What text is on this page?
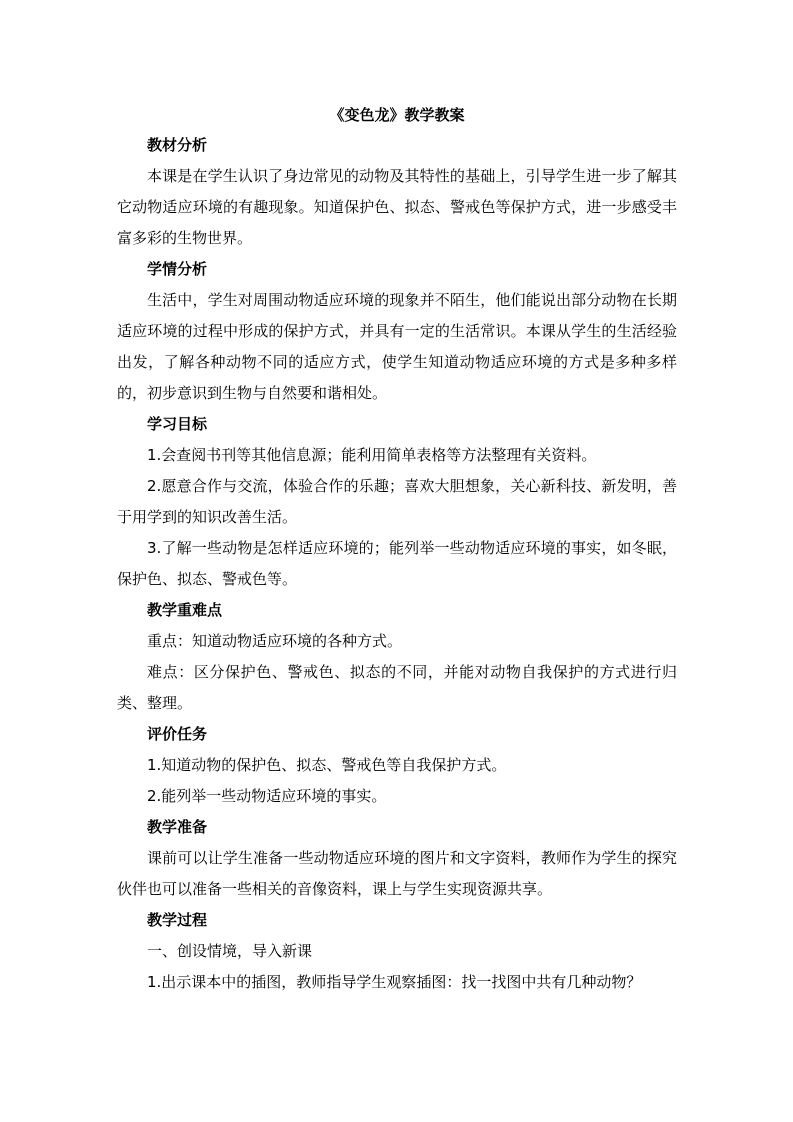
《变色龙》教学教案

教材分析

本课是在学生认识了身边常见的动物及其特性的基础上，引导学生进一步了解其它动物适应环境的有趣现象。知道保护色、拟态、警戒色等保护方式，进一步感受丰富多彩的生物世界。

学情分析

生活中，学生对周围动物适应环境的现象并不陌生，他们能说出部分动物在长期适应环境的过程中形成的保护方式，并具有一定的生活常识。本课从学生的生活经验出发，了解各种动物不同的适应方式，使学生知道动物适应环境的方式是多种多样的，初步意识到生物与自然要和谐相处。

学习目标

1.会查阅书刊等其他信息源；能利用简单表格等方法整理有关资料。

2.愿意合作与交流，体验合作的乐趣；喜欢大胆想象，关心新科技、新发明，善于用学到的知识改善生活。

3.了解一些动物是怎样适应环境的；能列举一些动物适应环境的事实，如冬眠，保护色、拟态、警戒色等。

教学重难点

重点：知道动物适应环境的各种方式。

难点：区分保护色、警戒色、拟态的不同，并能对动物自我保护的方式进行归类、整理。

评价任务

1.知道动物的保护色、拟态、警戒色等自我保护方式。

2.能列举一些动物适应环境的事实。

教学准备

课前可以让学生准备一些动物适应环境的图片和文字资料，教师作为学生的探究伙伴也可以准备一些相关的音像资料，课上与学生实现资源共享。

教学过程

一、创设情境，导入新课

1.出示课本中的插图，教师指导学生观察插图：找一找图中共有几种动物？
